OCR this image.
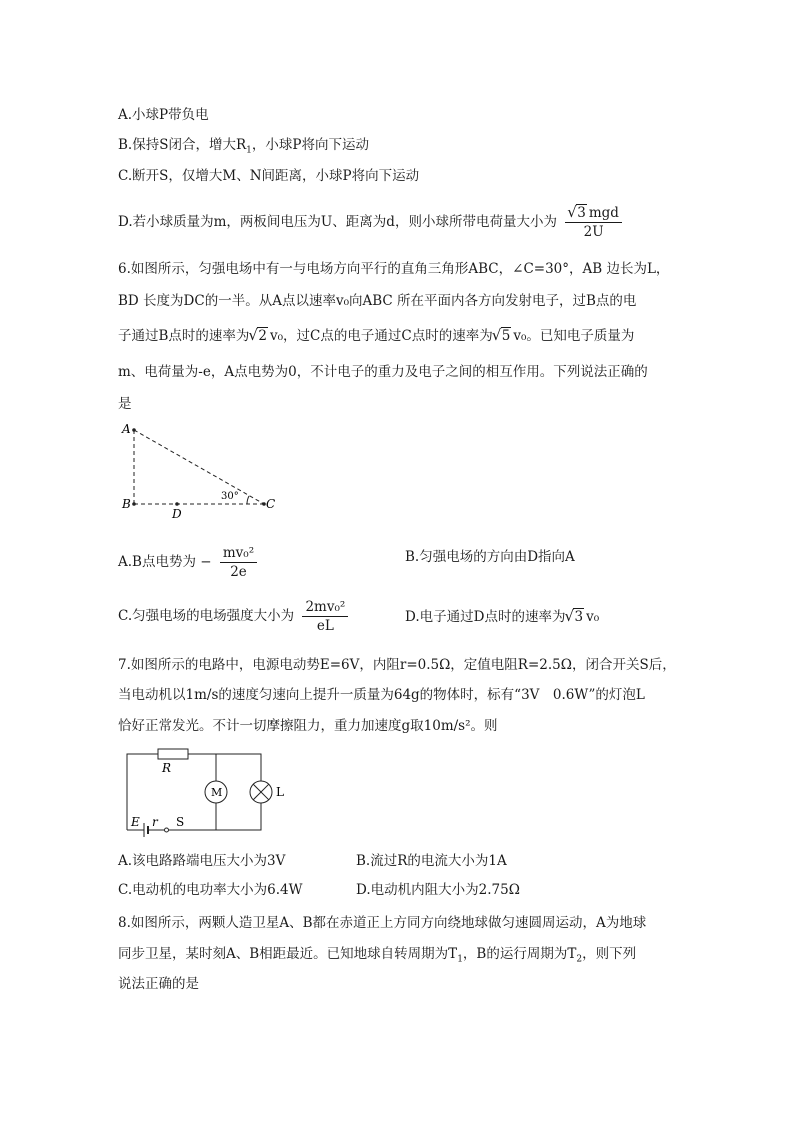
A.小球P带负电
B.保持S闭合，增大$R_1$，小球P将向下运动
C.断开S，仅增大M、N间距离，小球P将向下运动
D.若小球质量为m，两板间电压为U、距离为d，则小球所带电荷量大小为 √ $\frac{\text{3 mgd}}{2U}$
6.如图所示，匀强电场中有一与电场方向平行的直角三角形ABC，∠C=30°，AB 边长为L，
BD 长度为DC的一半。从A点以速率v₀向ABC 所在平面内各方向发射电子，过B点的电
子通过B点时的速率为 √ 2 v₀，过C点的电子通过C点时的速率为 √ 5 v₀。已知电子质量为
m、电荷量为-e，A点电势为0，不计电子的重力及电子之间的相互作用。下列说法正确的
是
A
B
D
C
30°
A.B点电势为 − $\frac{\text{mv₀²}}{2e}$	B.匀强电场的方向由D指向A
C.匀强电场的电场强度大小为 $\frac{\text{2mv₀²}}{eL}$	D.电子通过D点时的速率为 √ 3 v₀
7.如图所示的电路中，电源电动势E=6V，内阻r=0.5Ω，定值电阻R=2.5Ω，闭合开关S后，
当电动机以1m/s的速度匀速向上提升一质量为64g的物体时，标有“3V　0.6W”的灯泡L
恰好正常发光。不计一切摩擦阻力，重力加速度g取10m/s²。则
R
M	L
E r S
A.该电路路端电压大小为3V	B.流过R的电流大小为1A
C.电动机的电功率大小为6.4W	D.电动机内阻大小为2.75Ω
8.如图所示，两颗人造卫星A、B都在赤道正上方同方向绕地球做匀速圆周运动，A为地球
同步卫星，某时刻A、B相距最近。已知地球自转周期为$T_1$，B的运行周期为$T_2$，则下列
说法正确的是
